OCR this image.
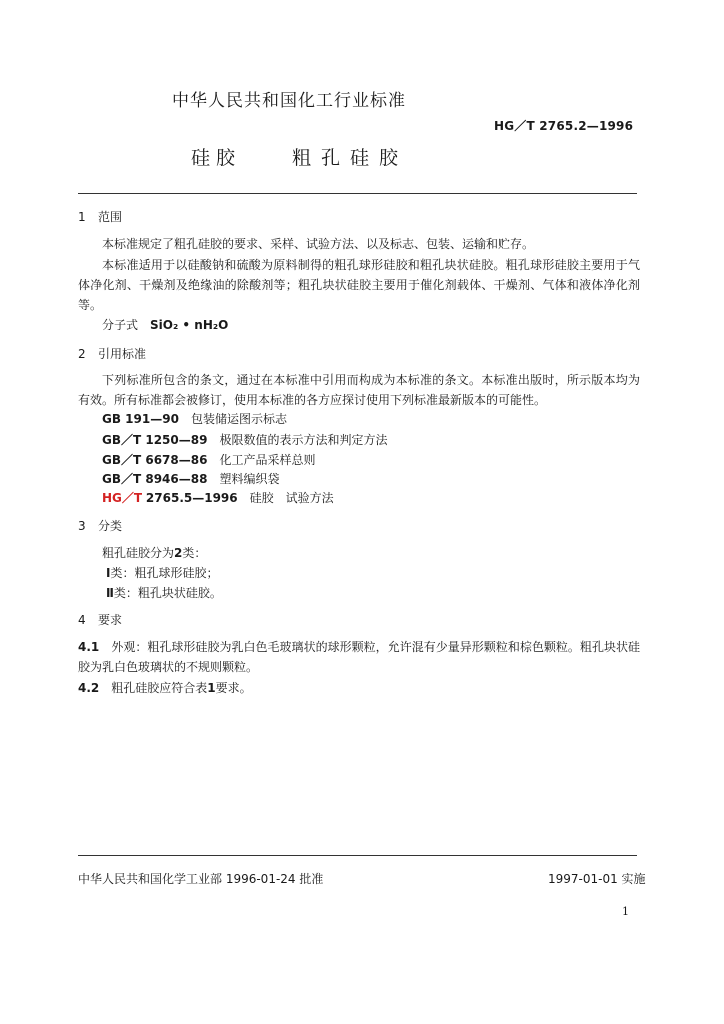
中华人民共和国化工行业标准
HG／T 2765.2—1996
硅胶	粗孔硅胶
1 范围
本标准规定了粗孔硅胶的要求、采样、试验方法、以及标志、包装、运输和贮存。
本标准适用于以硅酸钠和硫酸为原料制得的粗孔球形硅胶和粗孔块状硅胶。粗孔球形硅胶主要用于气体净化剂、干燥剂及绝缘油的除酸剂等；粗孔块状硅胶主要用于催化剂载体、干燥剂、气体和液体净化剂等。
分子式　 SiO₂ • nH₂O
2 引用标准
下列标准所包含的条文，通过在本标准中引用而构成为本标准的条文。本标准出版时，所示版本均为有效。所有标准都会被修订，使用本标准的各方应探讨使用下列标准最新版本的可能性。
GB 191—90　 包装储运图示标志
GB／T 1250—89　 极限数值的表示方法和判定方法
GB／T 6678—86　 化工产品采样总则
GB／T 8946—88　 塑料编织袋
HG／T 2765.5—1996　 硅胶　试验方法
3 分类
粗孔硅胶分为2类：
Ⅰ类：粗孔球形硅胶；
Ⅱ类：粗孔块状硅胶。
4 要求
4.1　 外观：粗孔球形硅胶为乳白色毛玻璃状的球形颗粒，允许混有少量异形颗粒和棕色颗粒。粗孔块状硅胶为乳白色玻璃状的不规则颗粒。
4.2　 粗孔硅胶应符合表1要求。
中华人民共和国化学工业部 1996-01-24 批准	1997-01-01 实施
1
